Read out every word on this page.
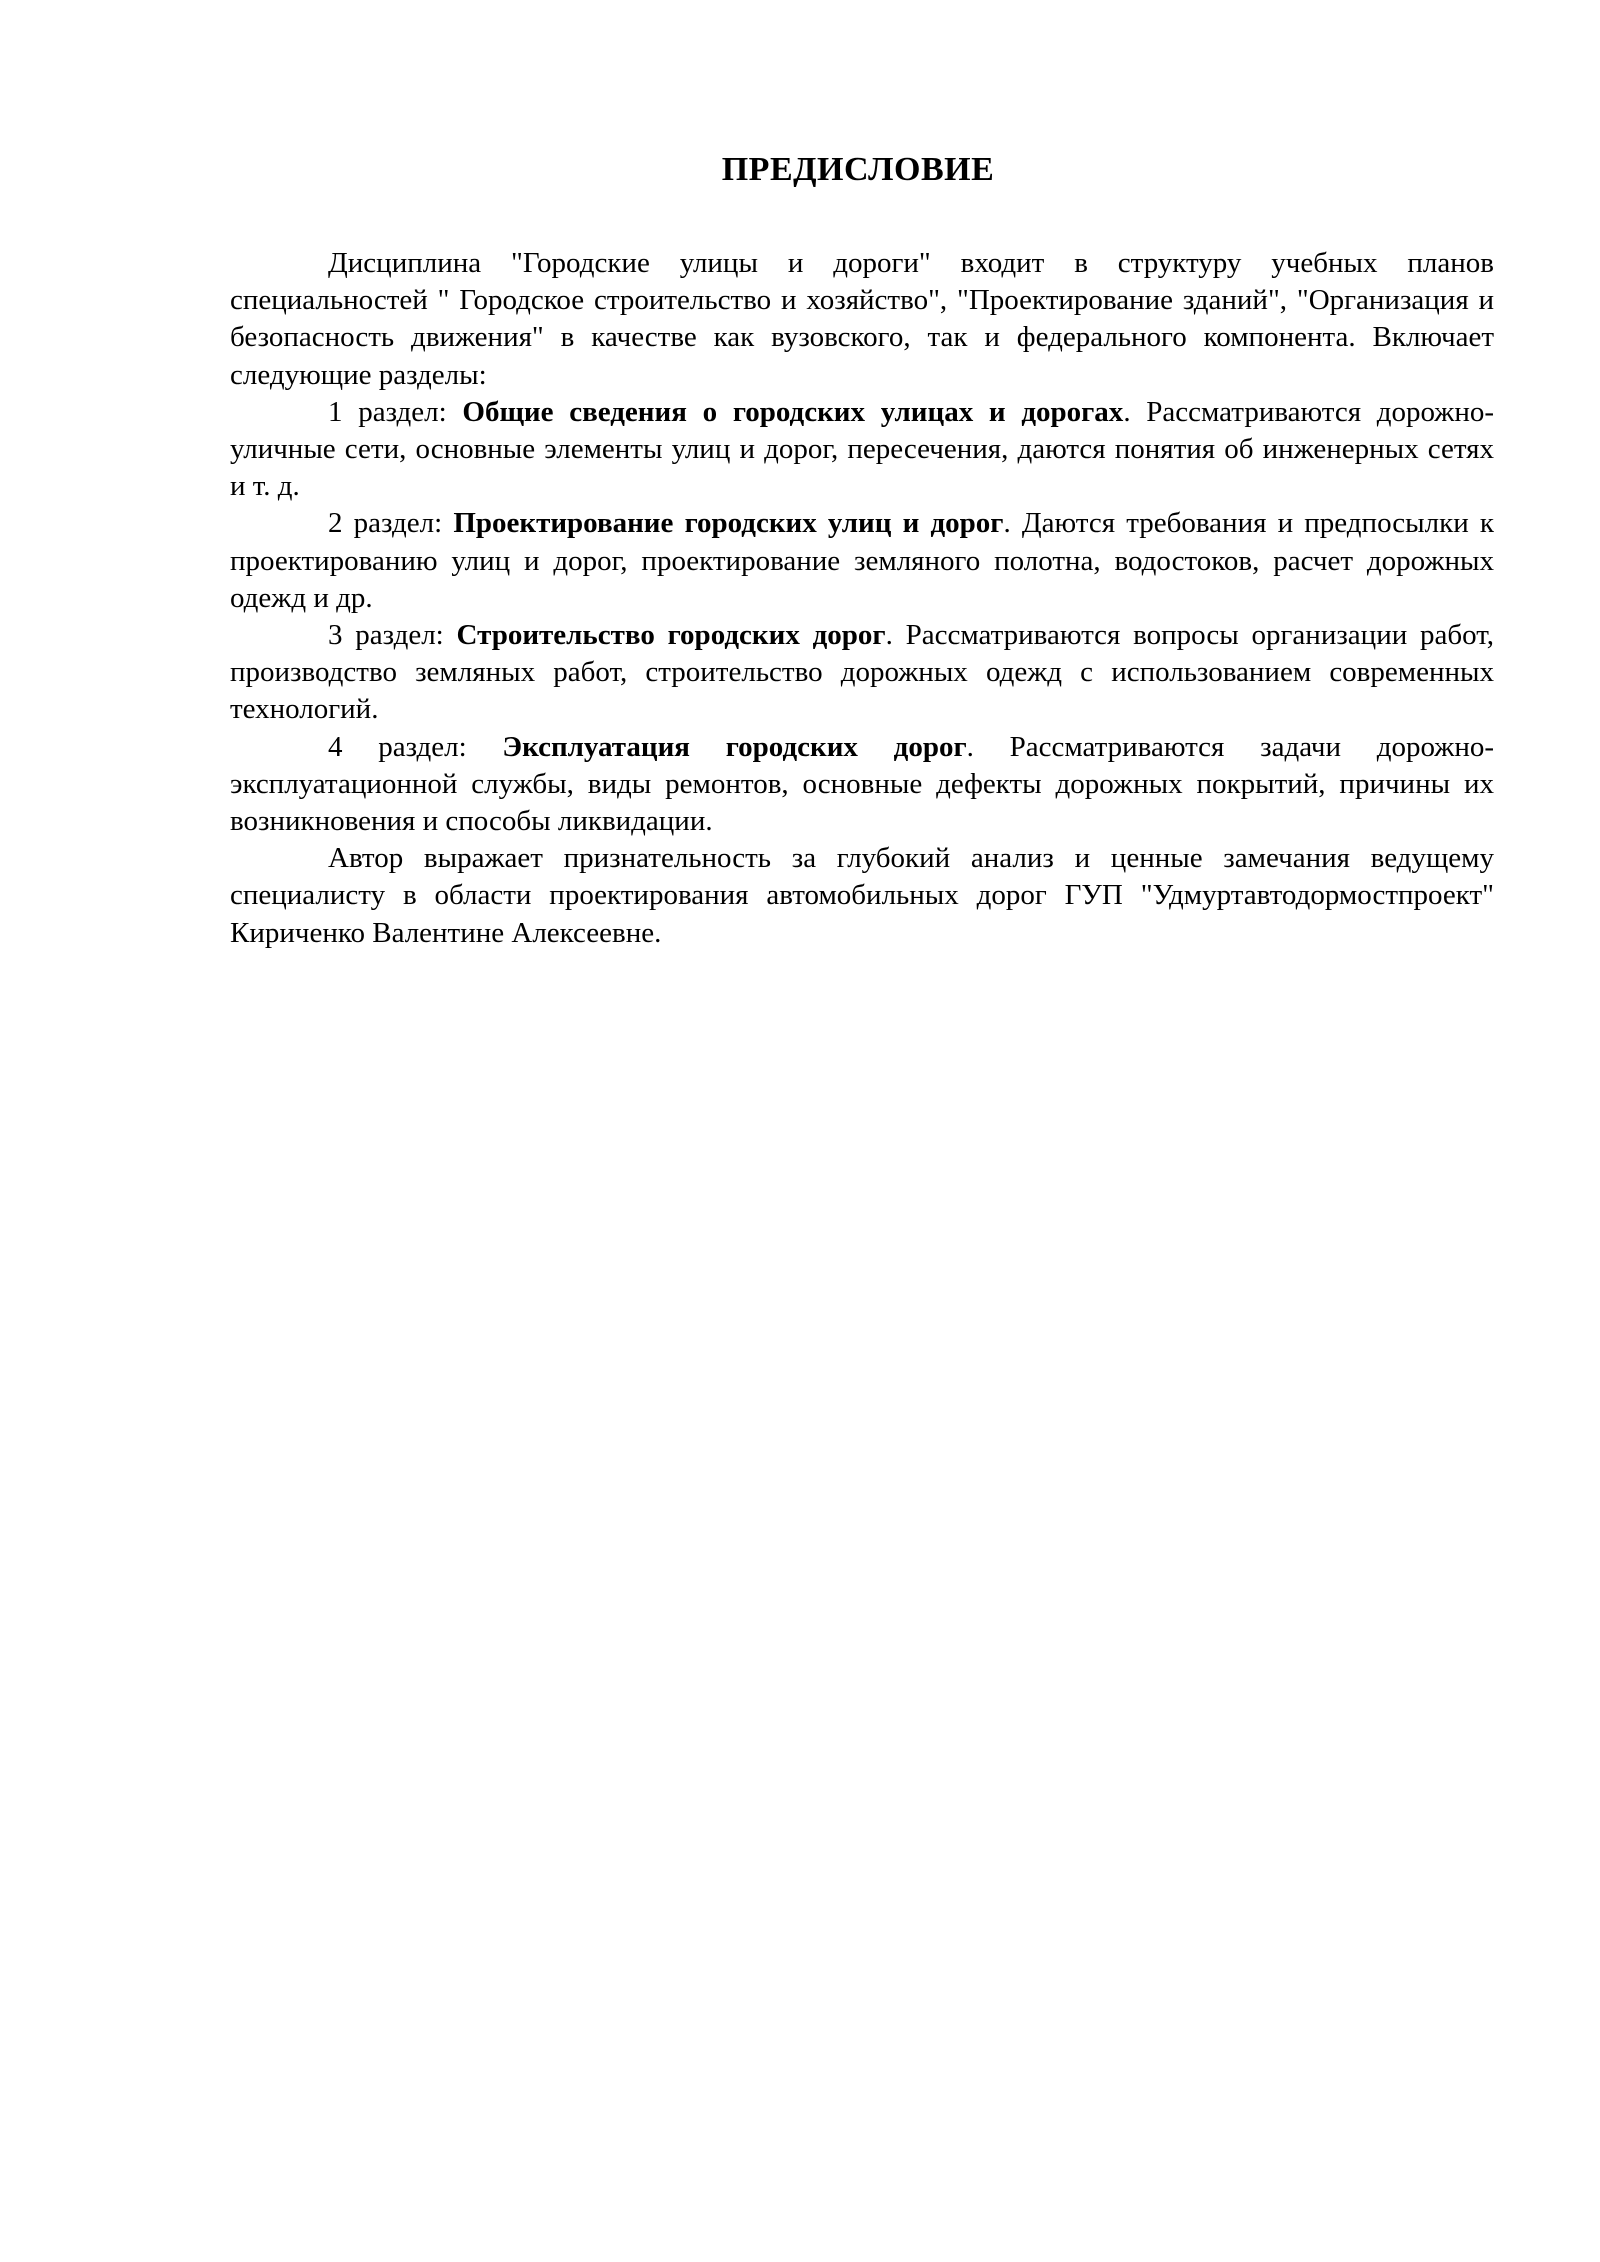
ПРЕДИСЛОВИЕ

Дисциплина "Городские улицы и дороги" входит в структуру учебных планов специальностей " Городское строительство и хозяйство", "Проектирование зданий", "Организация и безопасность движения" в качестве как вузовского, так и федерального компонента. Включает следующие разделы:

1 раздел: Общие сведения о городских улицах и дорогах. Рассматриваются дорожно-уличные сети, основные элементы улиц и дорог, пересечения, даются понятия об инженерных сетях и т. д.

2 раздел: Проектирование городских улиц и дорог. Даются требования и предпосылки к проектированию улиц и дорог, проектирование земляного полотна, водостоков, расчет дорожных одежд и др.

3 раздел: Строительство городских дорог. Рассматриваются вопросы организации работ, производство земляных работ, строительство дорожных одежд с использованием современных технологий.

4 раздел: Эксплуатация городских дорог. Рассматриваются задачи дорожно-эксплуатационной службы, виды ремонтов, основные дефекты дорожных покрытий, причины их возникновения и способы ликвидации.

Автор выражает признательность за глубокий анализ и ценные замечания ведущему специалисту в области проектирования автомобильных дорог ГУП "Удмуртавтодормостпроект" Кириченко Валентине Алексеевне.
